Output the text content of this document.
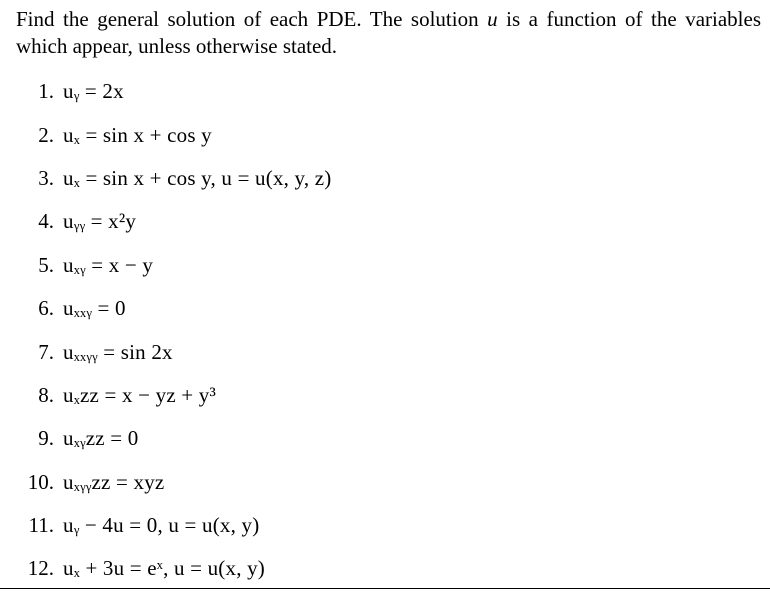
Find the general solution of each PDE. The solution u is a function of the variables which appear, unless otherwise stated.

1. uᵧ = 2x
2. uₓ = sin x + cos y
3. uₓ = sin x + cos y, u = u(x, y, z)
4. uᵧᵧ = x²y
5. uₓᵧ = x − y
6. uₓₓᵧ = 0
7. uₓₓᵧᵧ = sin 2x
8. uₓzz = x − yz + y³
9. uₓᵧzz = 0
10. uₓᵧᵧzz = xyz
11. uᵧ − 4u = 0, u = u(x, y)
12. uₓ + 3u = eˣ, u = u(x, y)
